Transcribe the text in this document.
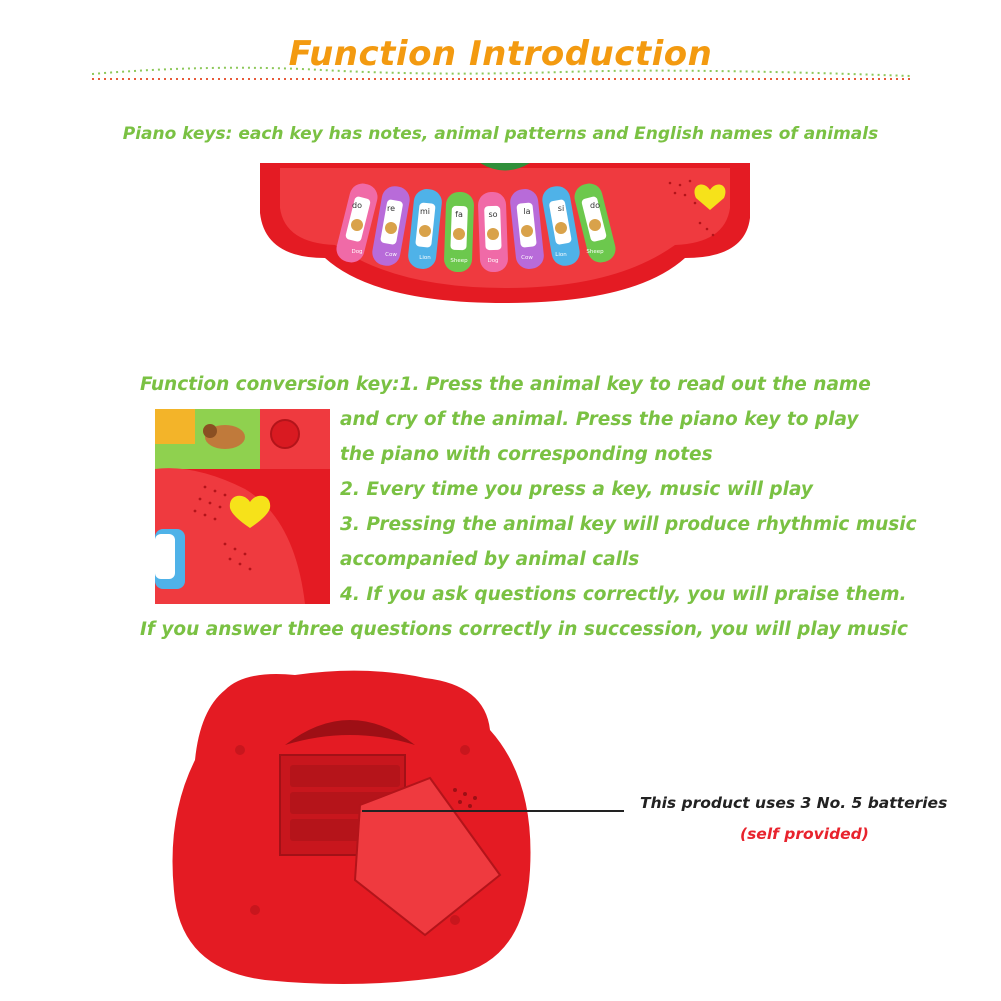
Function Introduction
Piano keys: each key has notes, animal patterns and English names of animals
do
Dog
re
Cow
mi
Lion
fa
Sheep
so
Dog
la
Cow
si
Lion
do
Sheep
Function conversion key:1. Press the animal key to read out the name
and cry of the animal. Press the piano key to play
the piano with corresponding notes
2. Every time you press a key, music will play
3. Pressing the animal key will produce rhythmic music
accompanied by animal calls
4. If you ask questions correctly, you will praise them.
If you answer three questions correctly in succession, you will play music
This product uses 3 No. 5 batteries
(self provided)
